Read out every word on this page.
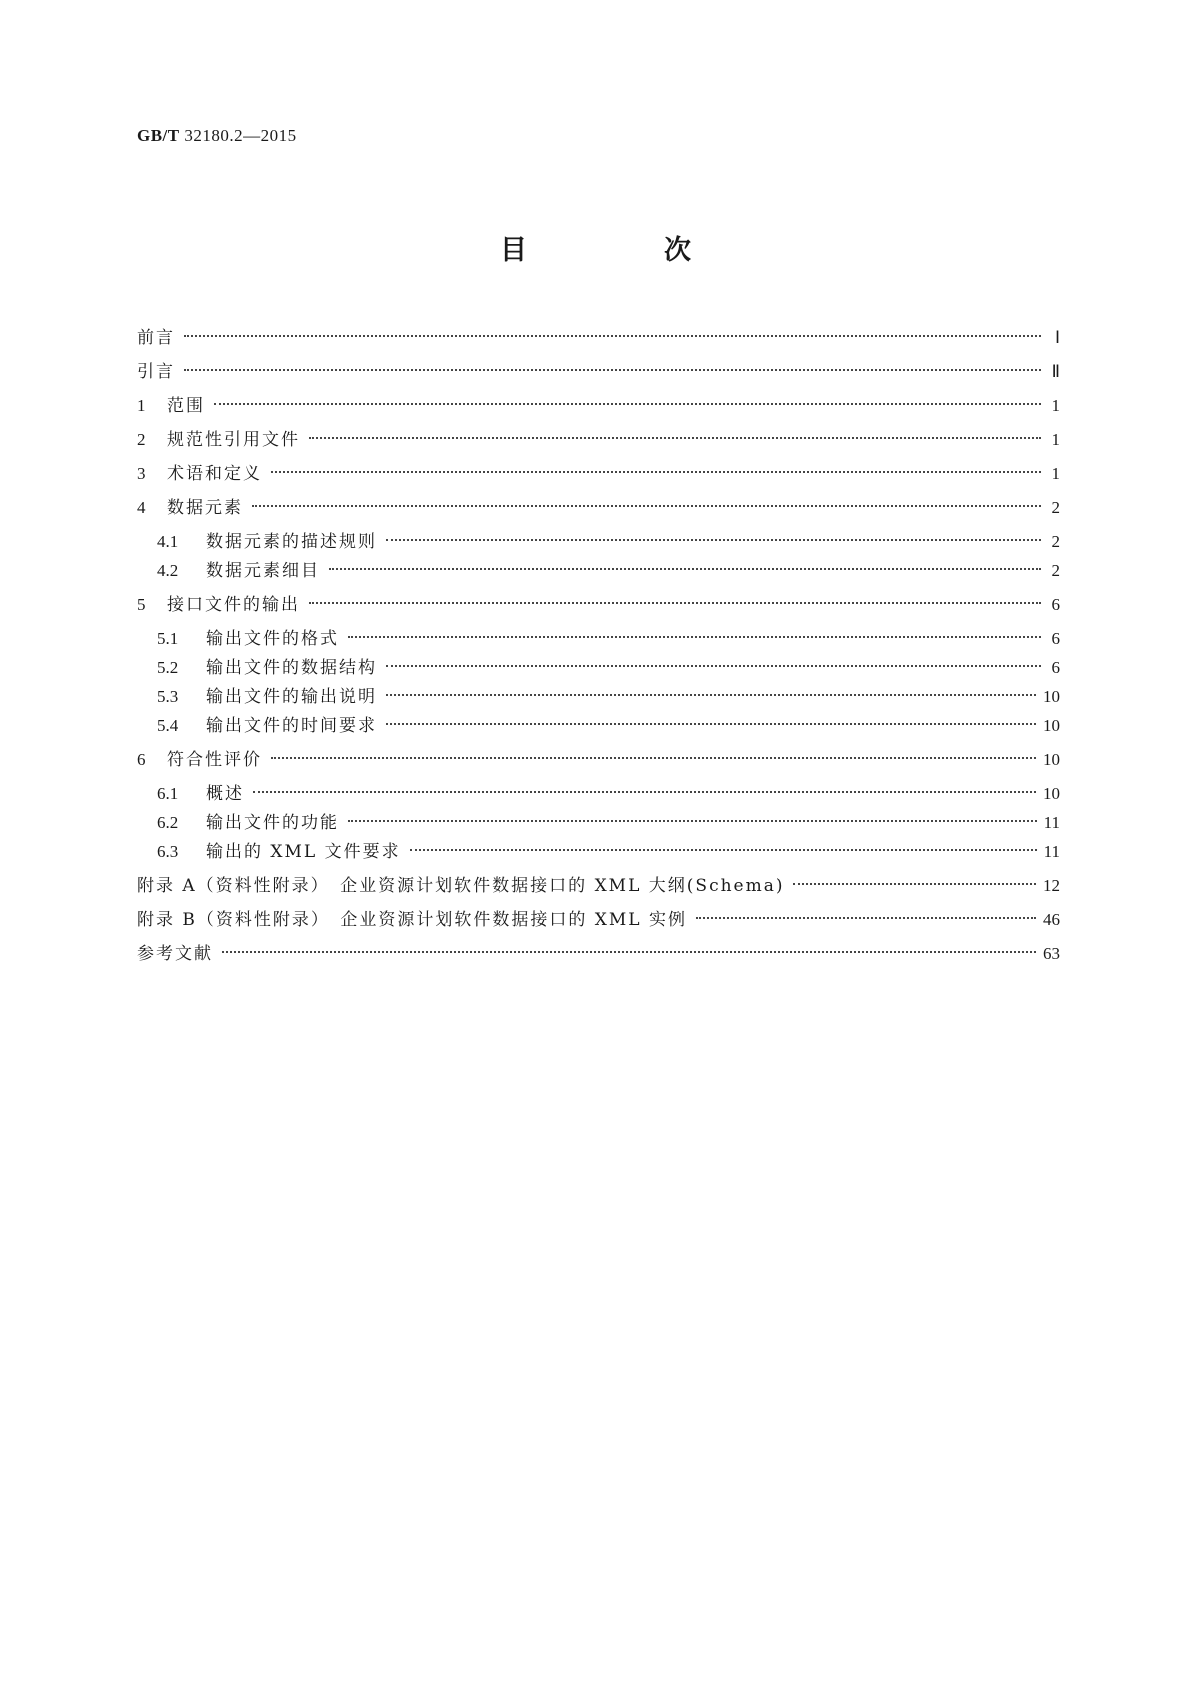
GB/T 32180.2—2015
目　次
前言	Ⅰ
引言	Ⅱ
1	范围	1
2	规范性引用文件	1
3	术语和定义	1
4	数据元素	2
4.1	数据元素的描述规则	2
4.2	数据元素细目	2
5	接口文件的输出	6
5.1	输出文件的格式	6
5.2	输出文件的数据结构	6
5.3	输出文件的输出说明	10
5.4	输出文件的时间要求	10
6	符合性评价	10
6.1	概述	10
6.2	输出文件的功能	11
6.3	输出的 XML 文件要求	11
附录 A（资料性附录）　企业资源计划软件数据接口的 XML 大纲(Schema)	12
附录 B（资料性附录）　企业资源计划软件数据接口的 XML 实例	46
参考文献	63
